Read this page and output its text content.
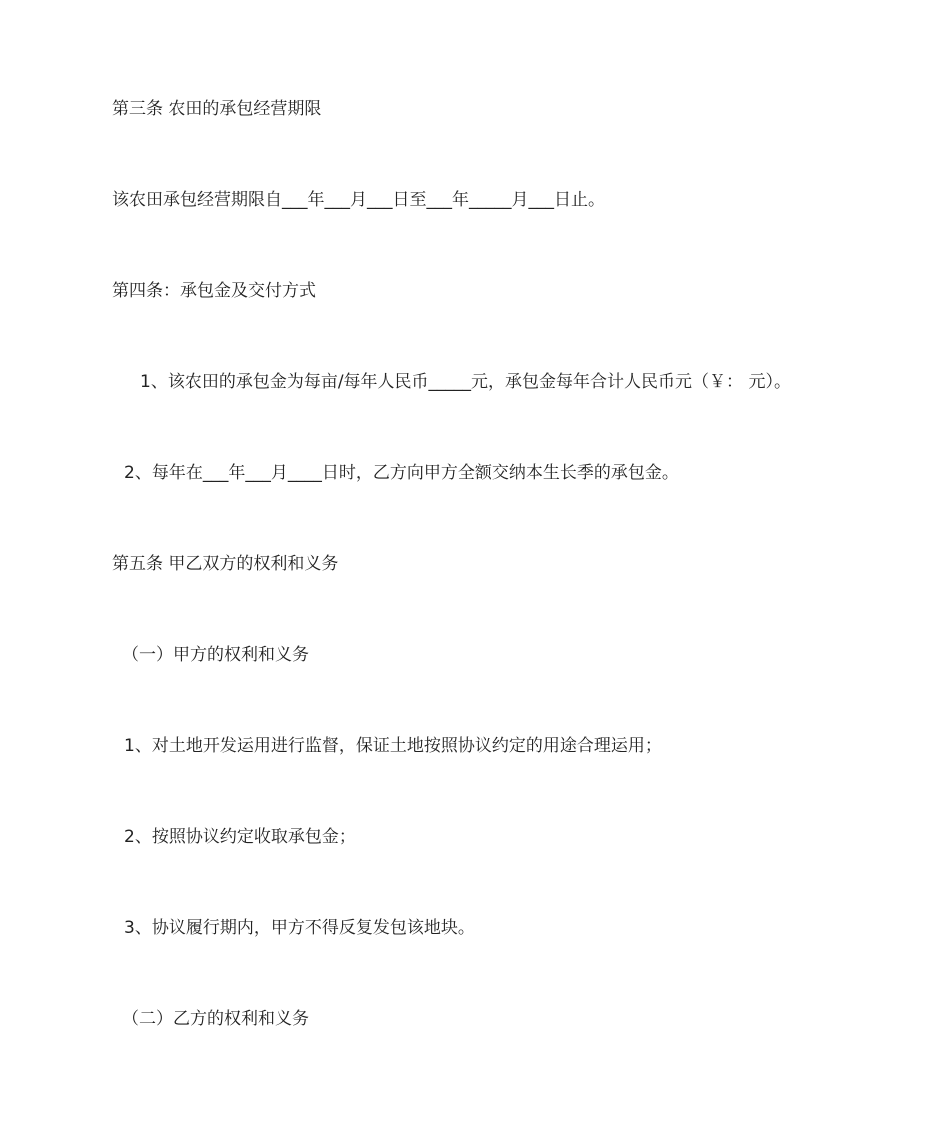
第三条 农田的承包经营期限
该农田承包经营期限自___年___月___日至___年_____月___日止。
第四条：承包金及交付方式
1、该农田的承包金为每亩/每年人民币_____元，承包金每年合计人民币元（￥： 元）。
2、每年在___年___月____日时，乙方向甲方全额交纳本生长季的承包金。
第五条 甲乙双方的权利和义务
（一）甲方的权利和义务
1、对土地开发运用进行监督，保证土地按照协议约定的用途合理运用；
2、按照协议约定收取承包金；
3、协议履行期内，甲方不得反复发包该地块。
（二）乙方的权利和义务
